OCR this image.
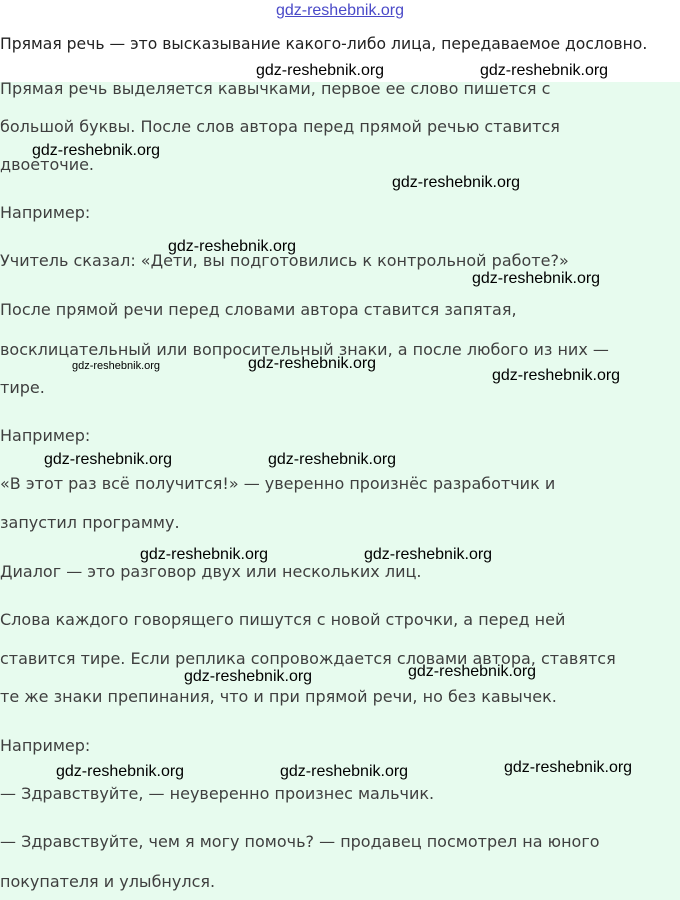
gdz-reshebnik.org
Прямая речь — это высказывание какого-либо лица, передаваемое дословно.
Прямая речь выделяется кавычками, первое ее слово пишется с
большой буквы. После слов автора перед прямой речью ставится
двоеточие.
Например:
Учитель сказал: «Дети, вы подготовились к контрольной работе?»
После прямой речи перед словами автора ставится запятая,
восклицательный или вопросительный знаки, а после любого из них —
тире.
Например:
«В этот раз всё получится!» — уверенно произнёс разработчик и
запустил программу.
Диалог — это разговор двух или нескольких лиц.
Слова каждого говорящего пишутся с новой строчки, а перед ней
ставится тире. Если реплика сопровождается словами автора, ставятся
те же знаки препинания, что и при прямой речи, но без кавычек.
Например:
— Здравствуйте, — неуверенно произнес мальчик.
— Здравствуйте, чем я могу помочь? — продавец посмотрел на юного
покупателя и улыбнулся.
gdz-reshebnik.org	gdz-reshebnik.org
gdz-reshebnik.org
gdz-reshebnik.org
gdz-reshebnik.org
gdz-reshebnik.org
gdz-reshebnik.org	gdz-reshebnik.org
gdz-reshebnik.org
gdz-reshebnik.org	gdz-reshebnik.org
gdz-reshebnik.org	gdz-reshebnik.org
gdz-reshebnik.org	gdz-reshebnik.org
gdz-reshebnik.org	gdz-reshebnik.org	gdz-reshebnik.org
